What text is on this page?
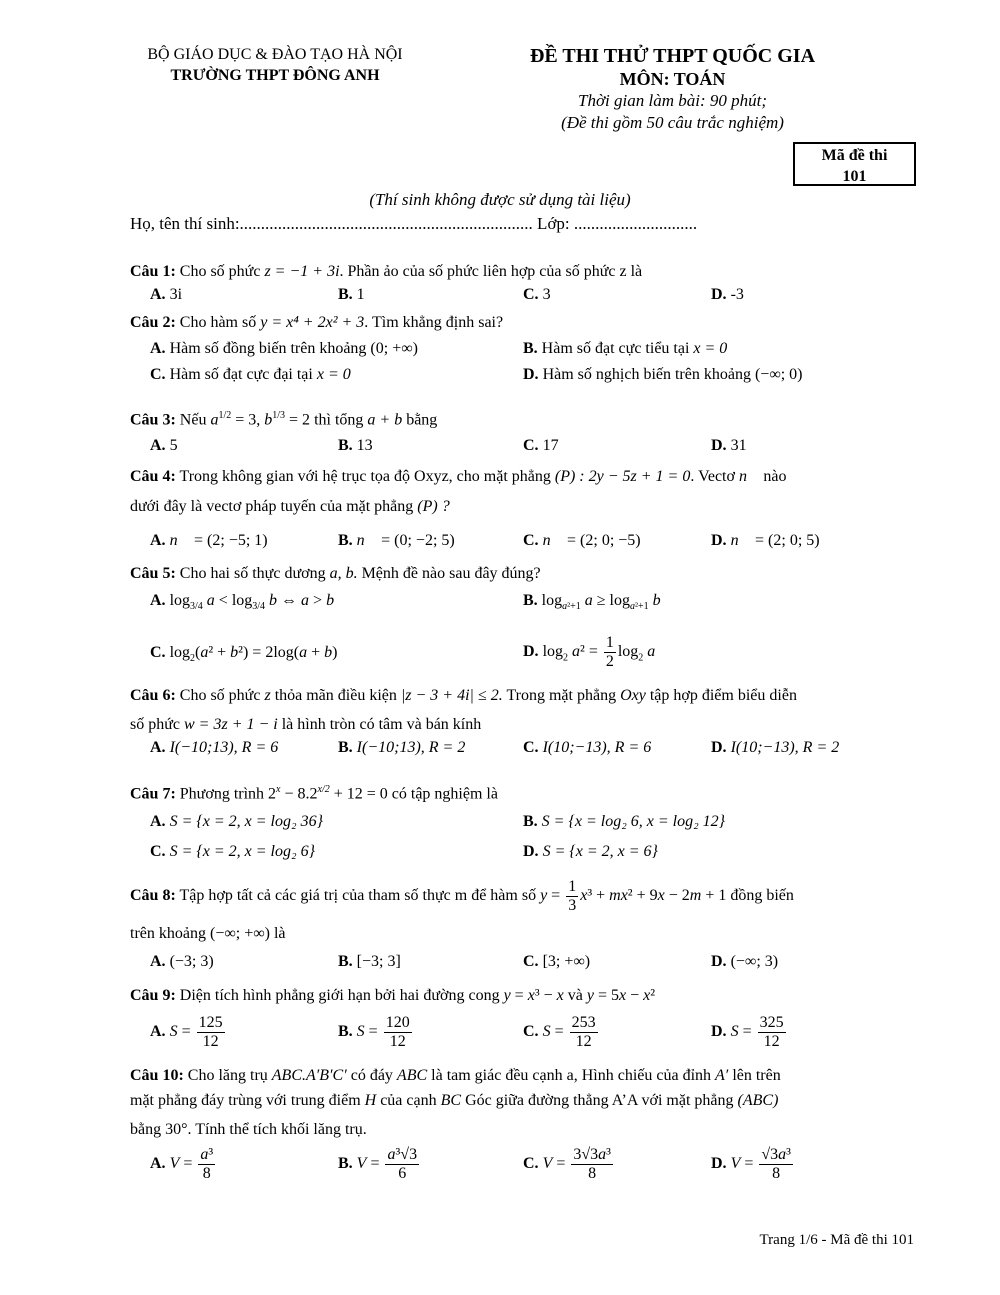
BỘ GIÁO DỤC & ĐÀO TẠO HÀ NỘI
TRƯỜNG THPT ĐÔNG ANH
ĐỀ THI THỬ THPT QUỐC GIA
MÔN: TOÁN
Thời gian làm bài: 90 phút;
(Đề thi gồm 50 câu trắc nghiệm)
Mã đề thi
101
(Thí sinh không được sử dụng tài liệu)
Họ, tên thí sinh:..................................................................... Lớp: .............................
Câu 1: Cho số phức z = −1 + 3i. Phần ảo của số phức liên hợp của số phức z là
A. 3i	B. 1	C. 3	D. -3
Câu 2: Cho hàm số y = x⁴ + 2x² + 3. Tìm khẳng định sai?
A. Hàm số đồng biến trên khoảng (0; +∞)	B. Hàm số đạt cực tiểu tại x = 0
C. Hàm số đạt cực đại tại x = 0	D. Hàm số nghịch biến trên khoảng (−∞; 0)
Câu 3: Nếu $a^{1/2} = 3$, $b^{1/3} = 2$ thì tổng a + b bằng
A. 5	B. 13	C. 17	D. 31
Câu 4: Trong không gian với hệ trục tọa độ Oxyz, cho mặt phẳng (P) : 2y − 5z + 1 = 0. Vectơ n⃗ nào
dưới đây là vectơ pháp tuyến của mặt phẳng (P) ?
A. n⃗ = (2; −5; 1)	B. n⃗ = (0; −2; 5)	C. n⃗ = (2; 0; −5)	D. n⃗ = (2; 0; 5)
Câu 5: Cho hai số thực dương a, b. Mệnh đề nào sau đây đúng?
A. $\log_{3/4} a < \log_{3/4} b$ ⇔ a > b	B. $\log_{a^2+1} a \ge \log_{a^2+1} b$
C. $\log_2(a^2 + b^2) = 2\log(a + b)$	D. $\log_2 a^2 = \frac{1}{2} \log_2 a$
Câu 6: Cho số phức z thỏa mãn điều kiện |z − 3 + 4i| ≤ 2. Trong mặt phẳng Oxy tập hợp điểm biểu diễn
số phức w = 3z + 1 − i là hình tròn có tâm và bán kính
A. I(−10;13), R = 6	B. I(−10;13), R = 2	C. I(10;−13), R = 6	D. I(10;−13), R = 2
Câu 7: Phương trình $2^x - 8.2^{x/2} + 12 = 0$ có tập nghiệm là
A. S = {x = 2, x = log₂ 36}	B. S = {x = log₂ 6, x = log₂ 12}
C. S = {x = 2, x = log₂ 6}	D. S = {x = 2, x = 6}
Câu 8: Tập hợp tất cả các giá trị của tham số thực m để hàm số $y = \frac{1}{3} x^3 + mx^2 + 9x - 2m + 1$ đồng biến
trên khoảng (−∞; +∞) là
A. (−3; 3)	B. [−3; 3]	C. [3; +∞)	D. (−∞; 3)
Câu 9: Diện tích hình phẳng giới hạn bởi hai đường cong y = x³ − x và y = 5x − x²
A. $S = \frac{125}{12}$	B. $S = \frac{120}{12}$	C. $S = \frac{253}{12}$	D. $S = \frac{325}{12}$
Câu 10: Cho lăng trụ ABC.A′B′C′ có đáy ABC là tam giác đều cạnh a, Hình chiếu của đỉnh A′ lên trên
mặt phẳng đáy trùng với trung điểm H của cạnh BC Góc giữa đường thẳng A’A với mặt phẳng (ABC)
bằng 30°. Tính thể tích khối lăng trụ.
A. $V = \frac{\text{a³}}{8}$	B. $V = \frac{\text{a³√3}}{6}$	C. $V = \frac{\text{3√3a³}}{8}$	D. $V = \frac{\text{√3a³}}{8}$
Trang 1/6 - Mã đề thi 101
